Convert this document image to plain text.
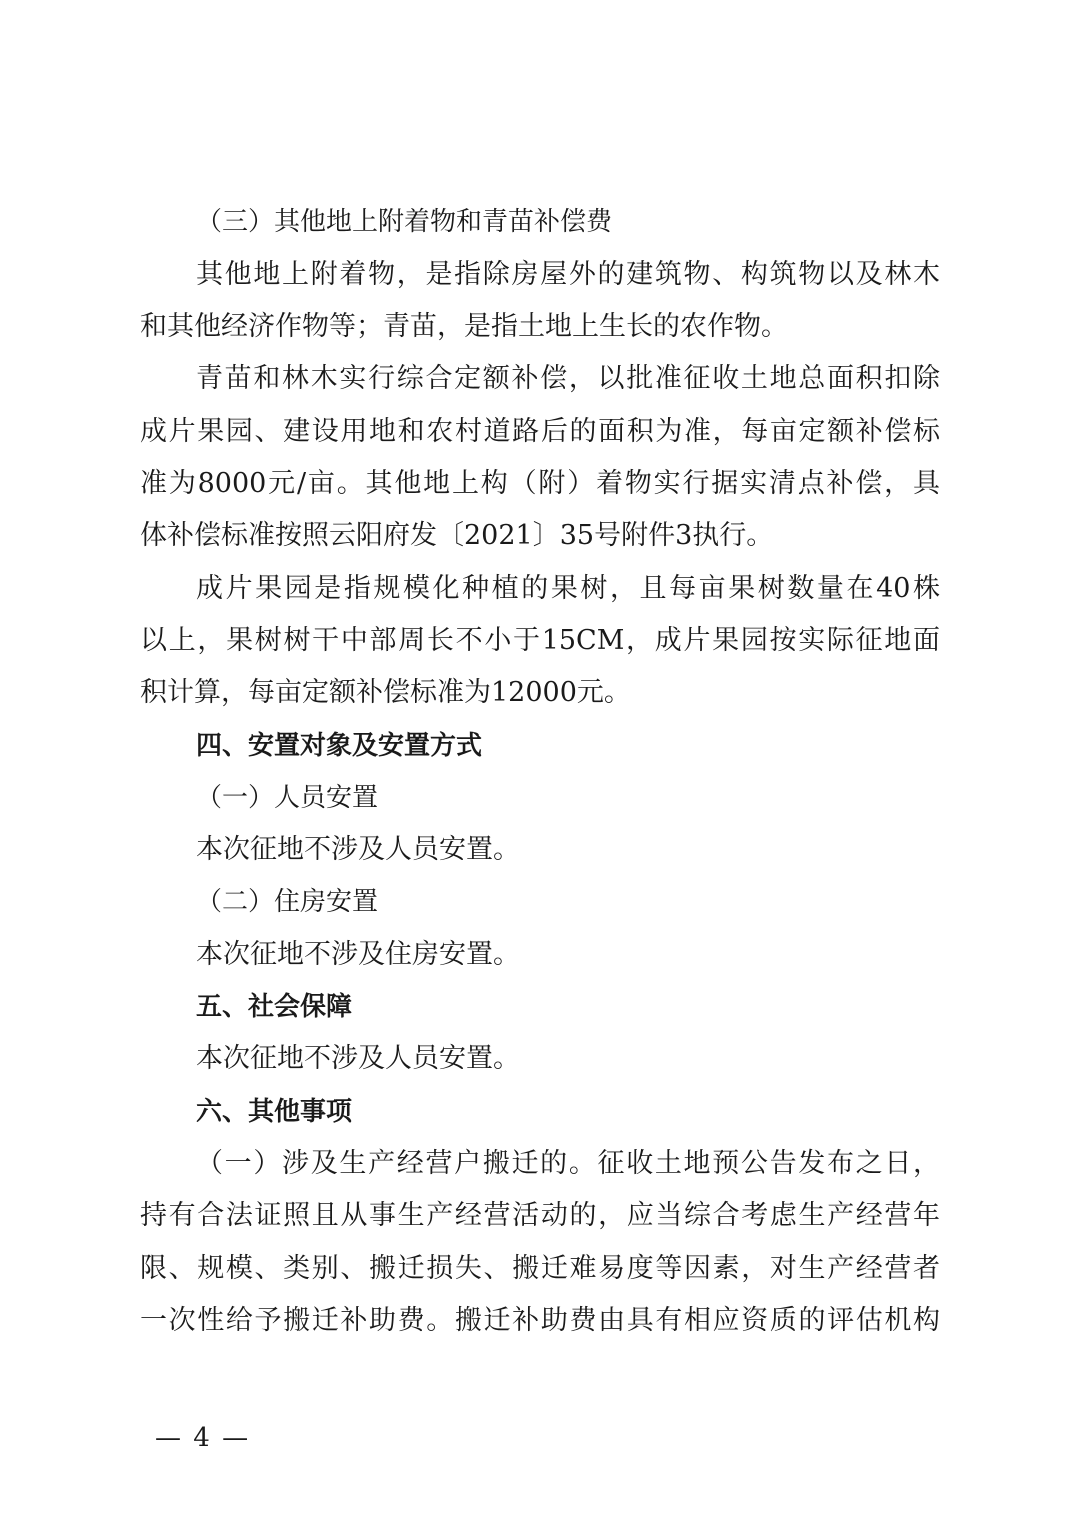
（三）其他地上附着物和青苗补偿费
其他地上附着物，是指除房屋外的建筑物、构筑物以及林木
和其他经济作物等；青苗，是指土地上生长的农作物。
青苗和林木实行综合定额补偿，以批准征收土地总面积扣除
成片果园、建设用地和农村道路后的面积为准，每亩定额补偿标
准为8000元/亩。其他地上构（附）着物实行据实清点补偿，具
体补偿标准按照云阳府发〔2021〕35号附件3执行。
成片果园是指规模化种植的果树，且每亩果树数量在40株
以上，果树树干中部周长不小于15CM，成片果园按实际征地面
积计算，每亩定额补偿标准为12000元。
四、安置对象及安置方式
（一）人员安置
本次征地不涉及人员安置。
（二）住房安置
本次征地不涉及住房安置。
五、社会保障
本次征地不涉及人员安置。
六、其他事项
（一）涉及生产经营户搬迁的。征收土地预公告发布之日，
持有合法证照且从事生产经营活动的，应当综合考虑生产经营年
限、规模、类别、搬迁损失、搬迁难易度等因素，对生产经营者
一次性给予搬迁补助费。搬迁补助费由具有相应资质的评估机构
— 4 —
